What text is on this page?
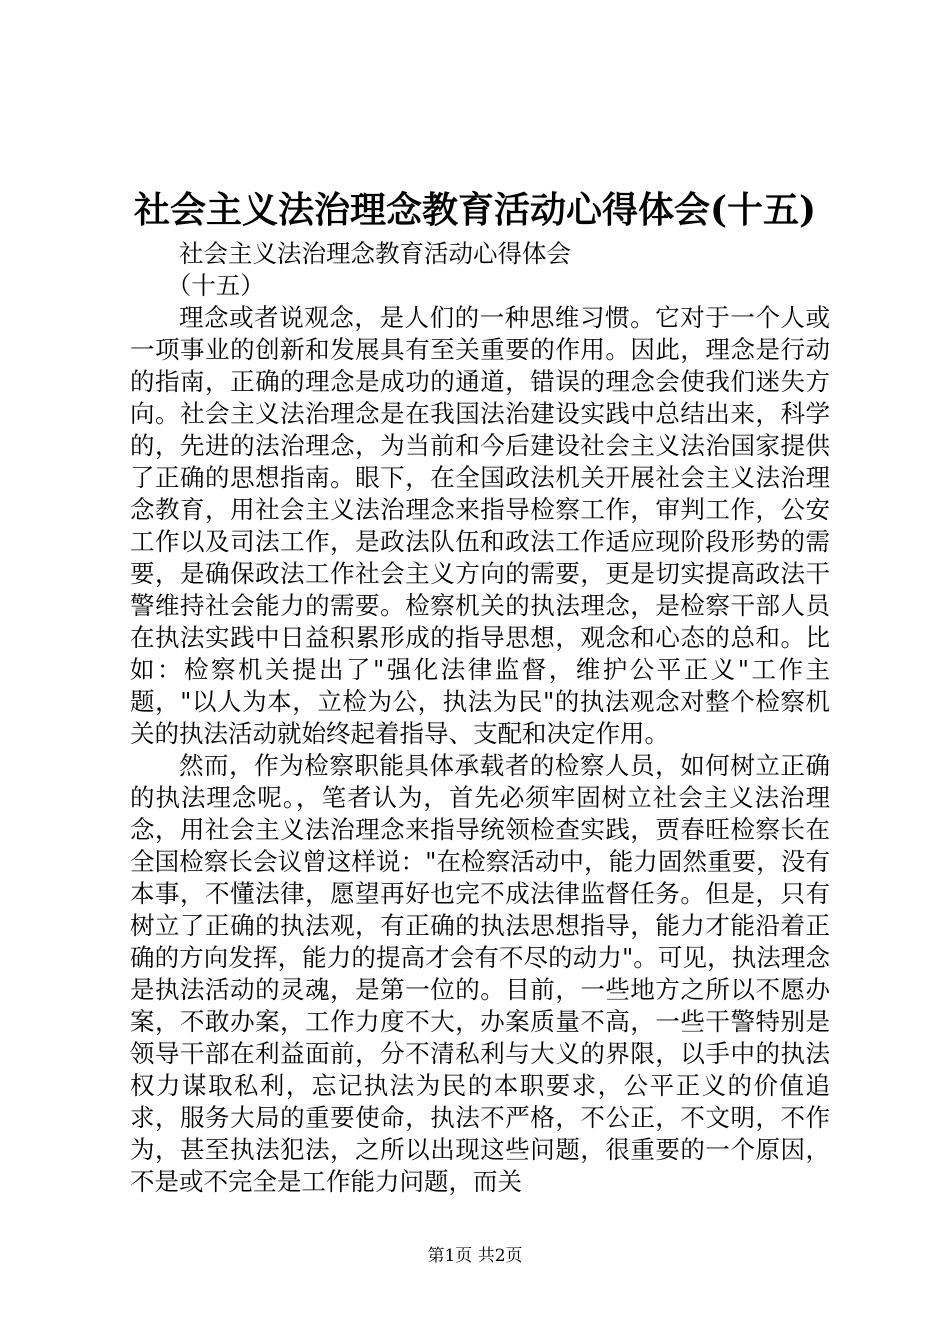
社会主义法治理念教育活动心得体会(十五)
社会主义法治理念教育活动心得体会
（十五）

理念或者说观念，是人们的一种思维习惯。它对于一个人或一项事业的创新和发展具有至关重要的作用。因此，理念是行动的指南，正确的理念是成功的通道，错误的理念会使我们迷失方向。社会主义法治理念是在我国法治建设实践中总结出来，科学的，先进的法治理念，为当前和今后建设社会主义法治国家提供了正确的思想指南。眼下，在全国政法机关开展社会主义法治理念教育，用社会主义法治理念来指导检察工作，审判工作，公安工作以及司法工作，是政法队伍和政法工作适应现阶段形势的需要，是确保政法工作社会主义方向的需要，更是切实提高政法干警维持社会能力的需要。检察机关的执法理念，是检察干部人员在执法实践中日益积累形成的指导思想，观念和心态的总和。比如：检察机关提出了"强化法律监督，维护公平正义"工作主题，"以人为本，立检为公，执法为民"的执法观念对整个检察机关的执法活动就始终起着指导、支配和决定作用。

然而，作为检察职能具体承载者的检察人员，如何树立正确的执法理念呢。，笔者认为，首先必须牢固树立社会主义法治理念，用社会主义法治理念来指导统领检查实践，贾春旺检察长在全国检察长会议曾这样说："在检察活动中，能力固然重要，没有本事，不懂法律，愿望再好也完不成法律监督任务。但是，只有树立了正确的执法观，有正确的执法思想指导，能力才能沿着正确的方向发挥，能力的提高才会有不尽的动力"。可见，执法理念是执法活动的灵魂，是第一位的。目前，一些地方之所以不愿办案，不敢办案，工作力度不大，办案质量不高，一些干警特别是领导干部在利益面前，分不清私利与大义的界限，以手中的执法权力谋取私利，忘记执法为民的本职要求，公平正义的价值追求，服务大局的重要使命，执法不严格，不公正，不文明，不作为，甚至执法犯法，之所以出现这些问题，很重要的一个原因，不是或不完全是工作能力问题，而关

第1页 共2页
